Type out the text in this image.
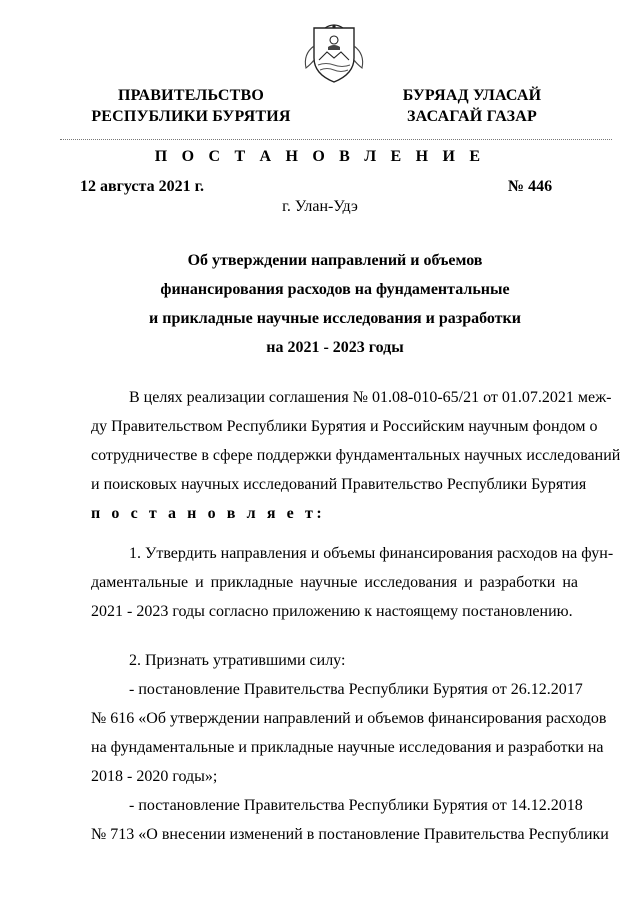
ПРАВИТЕЛЬСТВО
РЕСПУБЛИКИ БУРЯТИЯ
БУРЯАД УЛАСАЙ
ЗАСАГАЙ ГАЗАР
П О С Т А Н О В Л Е Н И Е
12 августа 2021 г.	№ 446
г. Улан-Удэ
Об утверждении направлений и объемов
финансирования расходов на фундаментальные
и прикладные научные исследования и разработки
на 2021 - 2023 годы
В целях реализации соглашения № 01.08-010-65/21 от 01.07.2021 меж-
ду Правительством Республики Бурятия и Российским научным фондом о
сотрудничестве в сфере поддержки фундаментальных научных исследований
и поисковых научных исследований Правительство Республики Бурятия
п о с т а н о в л я е т:
1. Утвердить направления и объемы финансирования расходов на фун-
даментальные и прикладные научные исследования и разработки на
2021 - 2023 годы согласно приложению к настоящему постановлению.
2. Признать утратившими силу:
- постановление Правительства Республики Бурятия от 26.12.2017
№ 616 «Об утверждении направлений и объемов финансирования расходов
на фундаментальные и прикладные научные исследования и разработки на
2018 - 2020 годы»;
- постановление Правительства Республики Бурятия от 14.12.2018
№ 713 «О внесении изменений в постановление Правительства Республики
